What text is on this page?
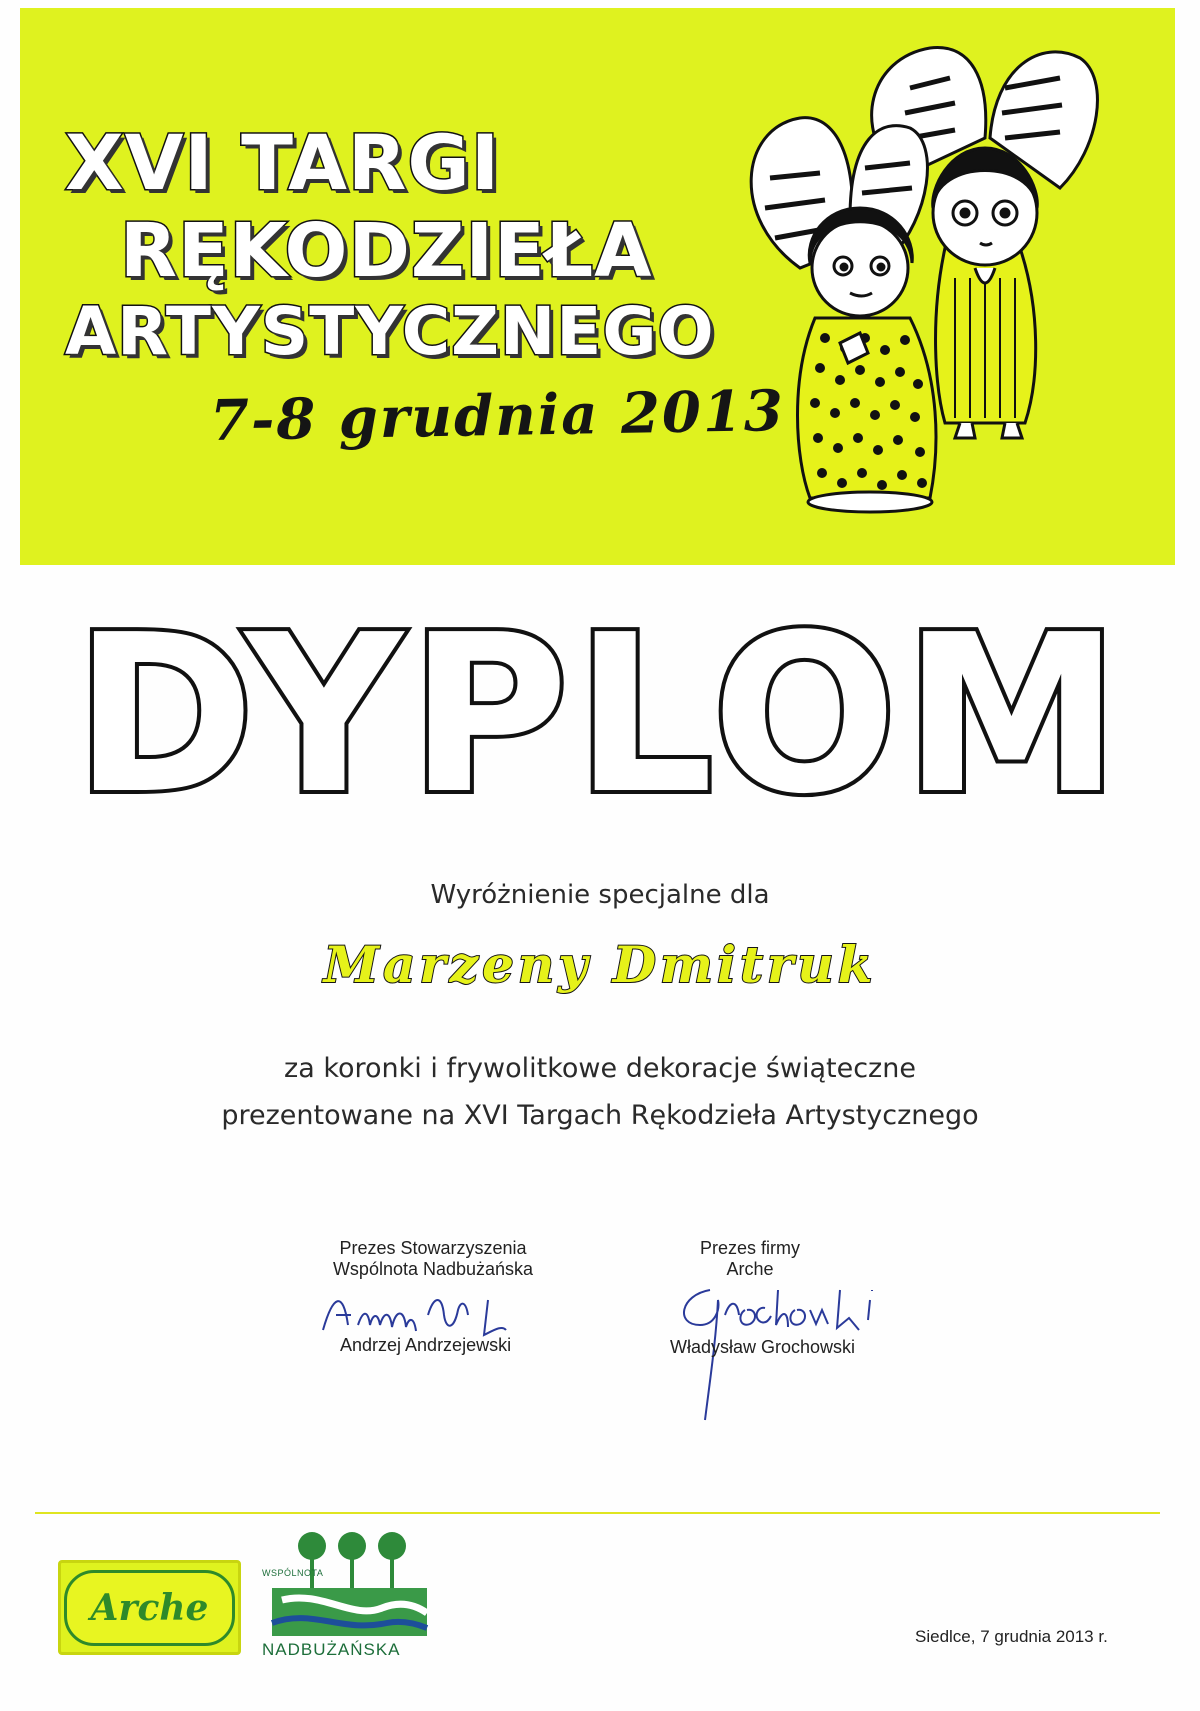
XVI TARGI
RĘKODZIEŁA
ARTYSTYCZNEGO
7-8 grudnia 2013
DYPLOM
Wyróżnienie specjalne dla
Marzeny Dmitruk
za koronki i frywolitkowe dekoracje świąteczne
prezentowane na XVI Targach Rękodzieła Artystycznego
Prezes Stowarzyszenia
Wspólnota Nadbużańska
Andrzej Andrzejewski
Prezes firmy
Arche
Władysław Grochowski
Arche
WSPÓLNOTA
NADBUŻAŃSKA
Siedlce, 7 grudnia 2013 r.
